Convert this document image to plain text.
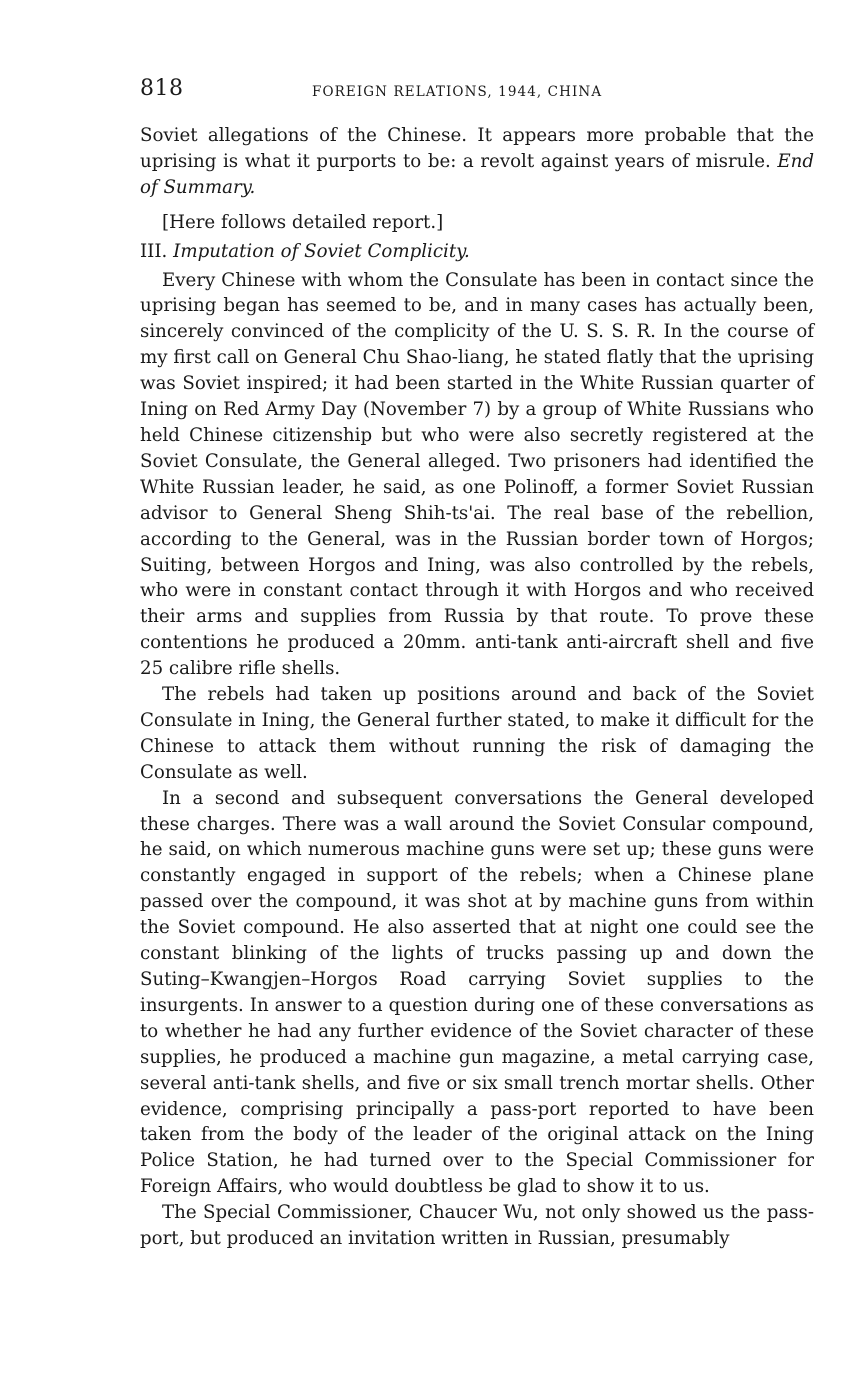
818	FOREIGN RELATIONS, 1944, CHINA

Soviet allegations of the Chinese. It appears more probable that the uprising is what it purports to be: a revolt against years of misrule. End of Summary.

[Here follows detailed report.]

III. Imputation of Soviet Complicity.

Every Chinese with whom the Consulate has been in contact since the uprising began has seemed to be, and in many cases has actually been, sincerely convinced of the complicity of the U. S. S. R. In the course of my first call on General Chu Shao-liang, he stated flatly that the uprising was Soviet inspired; it had been started in the White Russian quarter of Ining on Red Army Day (November 7) by a group of White Russians who held Chinese citizenship but who were also secretly registered at the Soviet Consulate, the General alleged. Two prisoners had identified the White Russian leader, he said, as one Polinoff, a former Soviet Russian advisor to General Sheng Shih-ts'ai. The real base of the rebellion, according to the General, was in the Russian border town of Horgos; Suiting, between Horgos and Ining, was also controlled by the rebels, who were in constant contact through it with Horgos and who received their arms and supplies from Russia by that route. To prove these contentions he produced a 20mm. anti-tank anti-aircraft shell and five 25 calibre rifle shells.

The rebels had taken up positions around and back of the Soviet Consulate in Ining, the General further stated, to make it difficult for the Chinese to attack them without running the risk of damaging the Consulate as well.

In a second and subsequent conversations the General developed these charges. There was a wall around the Soviet Consular compound, he said, on which numerous machine guns were set up; these guns were constantly engaged in support of the rebels; when a Chinese plane passed over the compound, it was shot at by machine guns from within the Soviet compound. He also asserted that at night one could see the constant blinking of the lights of trucks passing up and down the Suting–Kwangjen–Horgos Road carrying Soviet supplies to the insurgents. In answer to a question during one of these conversations as to whether he had any further evidence of the Soviet character of these supplies, he produced a machine gun magazine, a metal carrying case, several anti-tank shells, and five or six small trench mortar shells. Other evidence, comprising principally a pass-port reported to have been taken from the body of the leader of the original attack on the Ining Police Station, he had turned over to the Special Commissioner for Foreign Affairs, who would doubtless be glad to show it to us.

The Special Commissioner, Chaucer Wu, not only showed us the pass-port, but produced an invitation written in Russian, presumably
